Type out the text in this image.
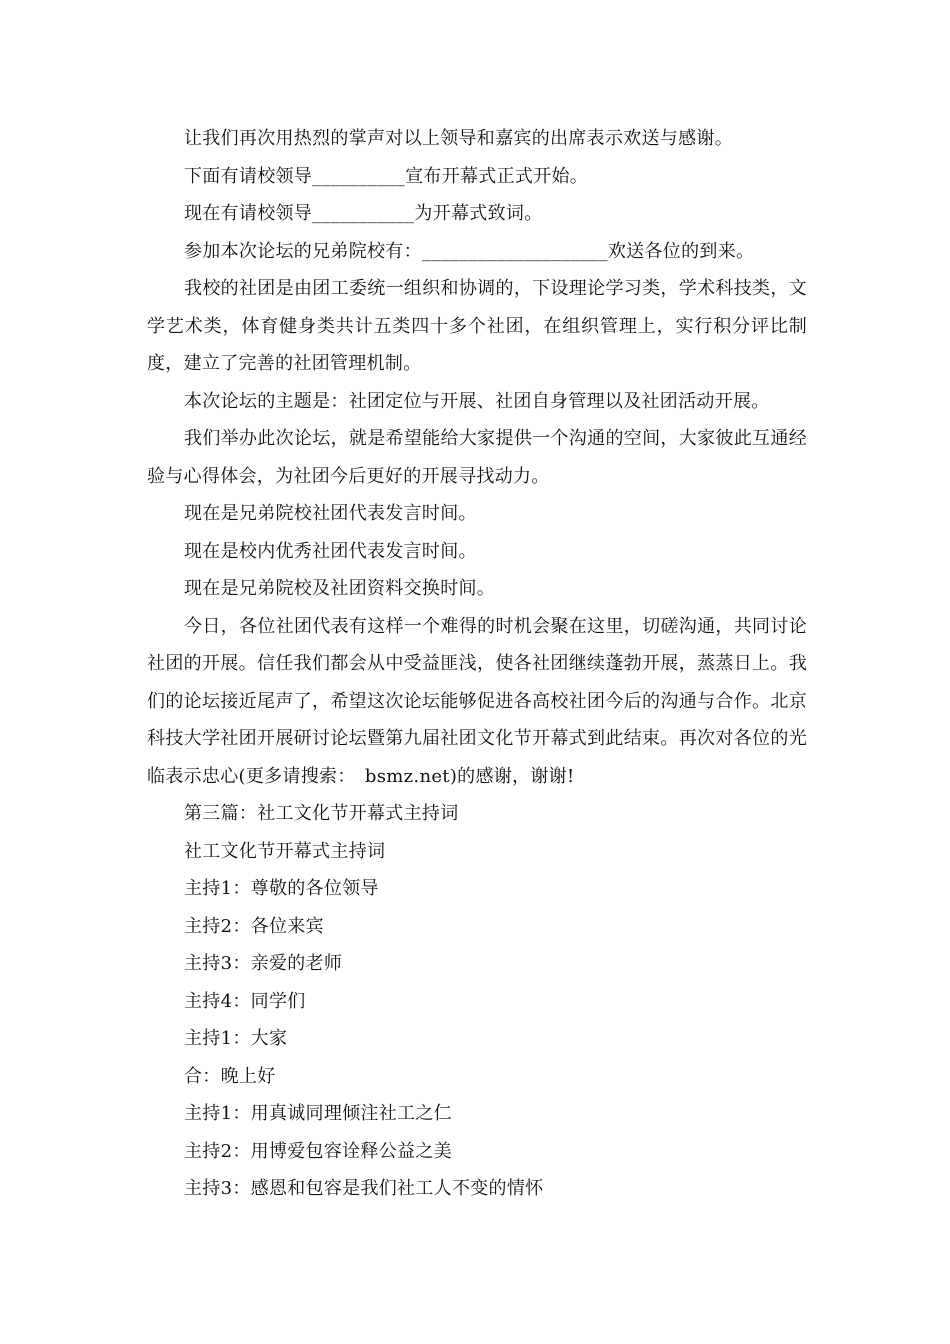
让我们再次用热烈的掌声对以上领导和嘉宾的出席表示欢送与感谢。

下面有请校领导__________宣布开幕式正式开始。

现在有请校领导___________为开幕式致词。

参加本次论坛的兄弟院校有：____________________欢送各位的到来。

我校的社团是由团工委统一组织和协调的，下设理论学习类，学术科技类，文学艺术类，体育健身类共计五类四十多个社团，在组织管理上，实行积分评比制度，建立了完善的社团管理机制。

本次论坛的主题是：社团定位与开展、社团自身管理以及社团活动开展。

我们举办此次论坛，就是希望能给大家提供一个沟通的空间，大家彼此互通经验与心得体会，为社团今后更好的开展寻找动力。

现在是兄弟院校社团代表发言时间。

现在是校内优秀社团代表发言时间。

现在是兄弟院校及社团资料交换时间。

今日，各位社团代表有这样一个难得的时机会聚在这里，切磋沟通，共同讨论社团的开展。信任我们都会从中受益匪浅，使各社团继续蓬勃开展，蒸蒸日上。我们的论坛接近尾声了，希望这次论坛能够促进各高校社团今后的沟通与合作。北京科技大学社团开展研讨论坛暨第九届社团文化节开幕式到此结束。再次对各位的光临表示忠心(更多请搜索：　bsmz.net)的感谢，谢谢!

第三篇：社工文化节开幕式主持词

社工文化节开幕式主持词

主持1：尊敬的各位领导

主持2：各位来宾

主持3：亲爱的老师

主持4：同学们

主持1：大家

合：晚上好

主持1：用真诚同理倾注社工之仁

主持2：用博爱包容诠释公益之美

主持3：感恩和包容是我们社工人不变的情怀
